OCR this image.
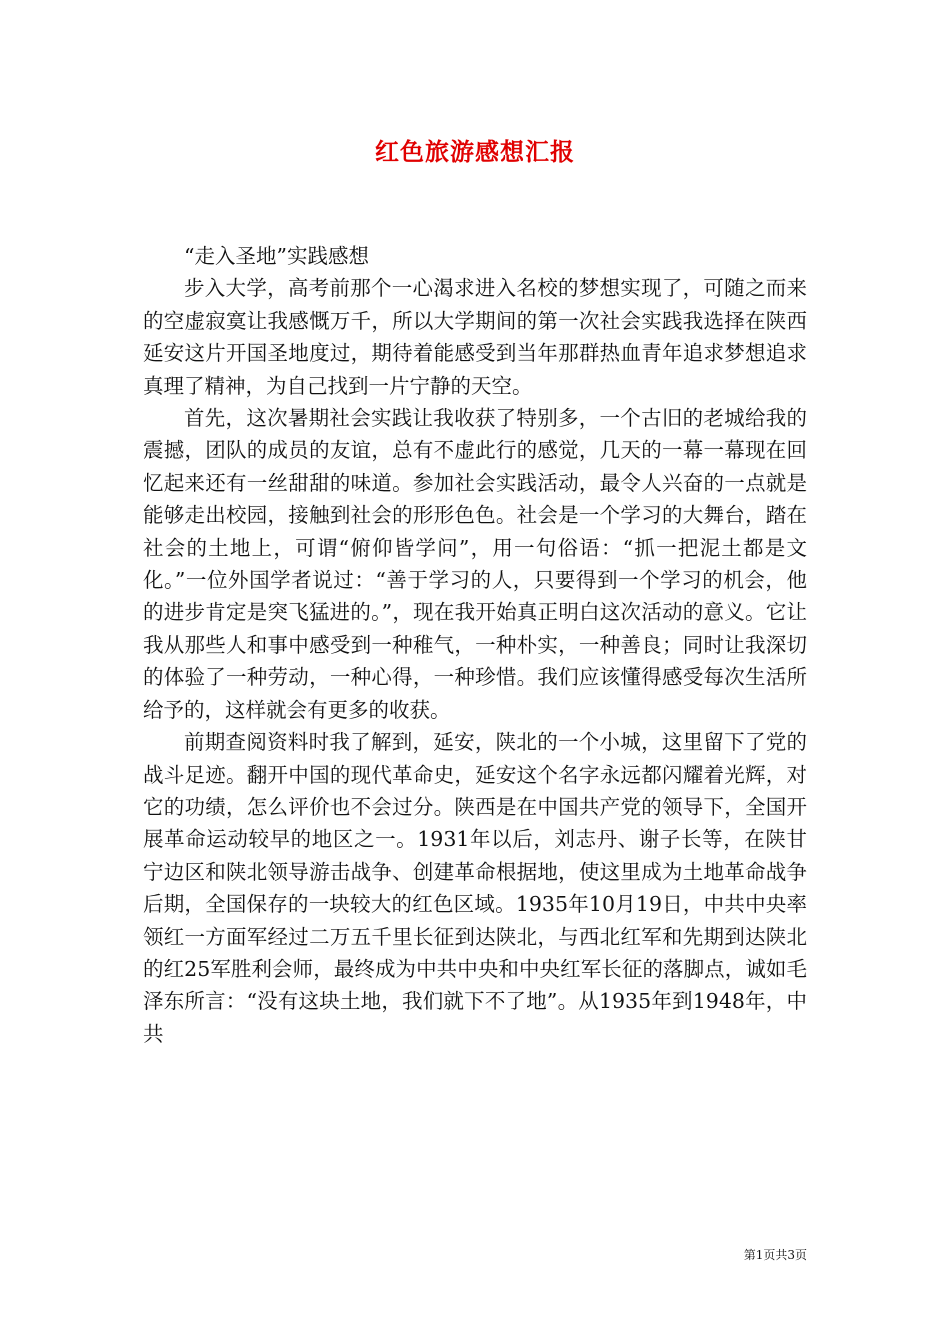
红色旅游感想汇报

“走入圣地”实践感想

步入大学，高考前那个一心渴求进入名校的梦想实现了，可随之而来的空虚寂寞让我感慨万千，所以大学期间的第一次社会实践我选择在陕西延安这片开国圣地度过，期待着能感受到当年那群热血青年追求梦想追求真理了精神，为自己找到一片宁静的天空。

首先，这次暑期社会实践让我收获了特别多，一个古旧的老城给我的震撼，团队的成员的友谊，总有不虚此行的感觉，几天的一幕一幕现在回忆起来还有一丝甜甜的味道。参加社会实践活动，最令人兴奋的一点就是能够走出校园，接触到社会的形形色色。社会是一个学习的大舞台，踏在社会的土地上，可谓“俯仰皆学问”，用一句俗语：“抓一把泥土都是文化。”一位外国学者说过：“善于学习的人，只要得到一个学习的机会，他的进步肯定是突飞猛进的。”，现在我开始真正明白这次活动的意义。它让我从那些人和事中感受到一种稚气，一种朴实，一种善良；同时让我深切的体验了一种劳动，一种心得，一种珍惜。我们应该懂得感受每次生活所给予的，这样就会有更多的收获。

前期查阅资料时我了解到，延安，陕北的一个小城，这里留下了党的战斗足迹。翻开中国的现代革命史，延安这个名字永远都闪耀着光辉，对它的功绩，怎么评价也不会过分。陕西是在中国共产党的领导下，全国开展革命运动较早的地区之一。1931年以后，刘志丹、谢子长等，在陕甘宁边区和陕北领导游击战争、创建革命根据地，使这里成为土地革命战争后期，全国保存的一块较大的红色区域。1935年10月19日，中共中央率领红一方面军经过二万五千里长征到达陕北，与西北红军和先期到达陕北的红25军胜利会师，最终成为中共中央和中央红军长征的落脚点，诚如毛泽东所言：“没有这块土地，我们就下不了地”。从1935年到1948年，中共

第1页共3页
